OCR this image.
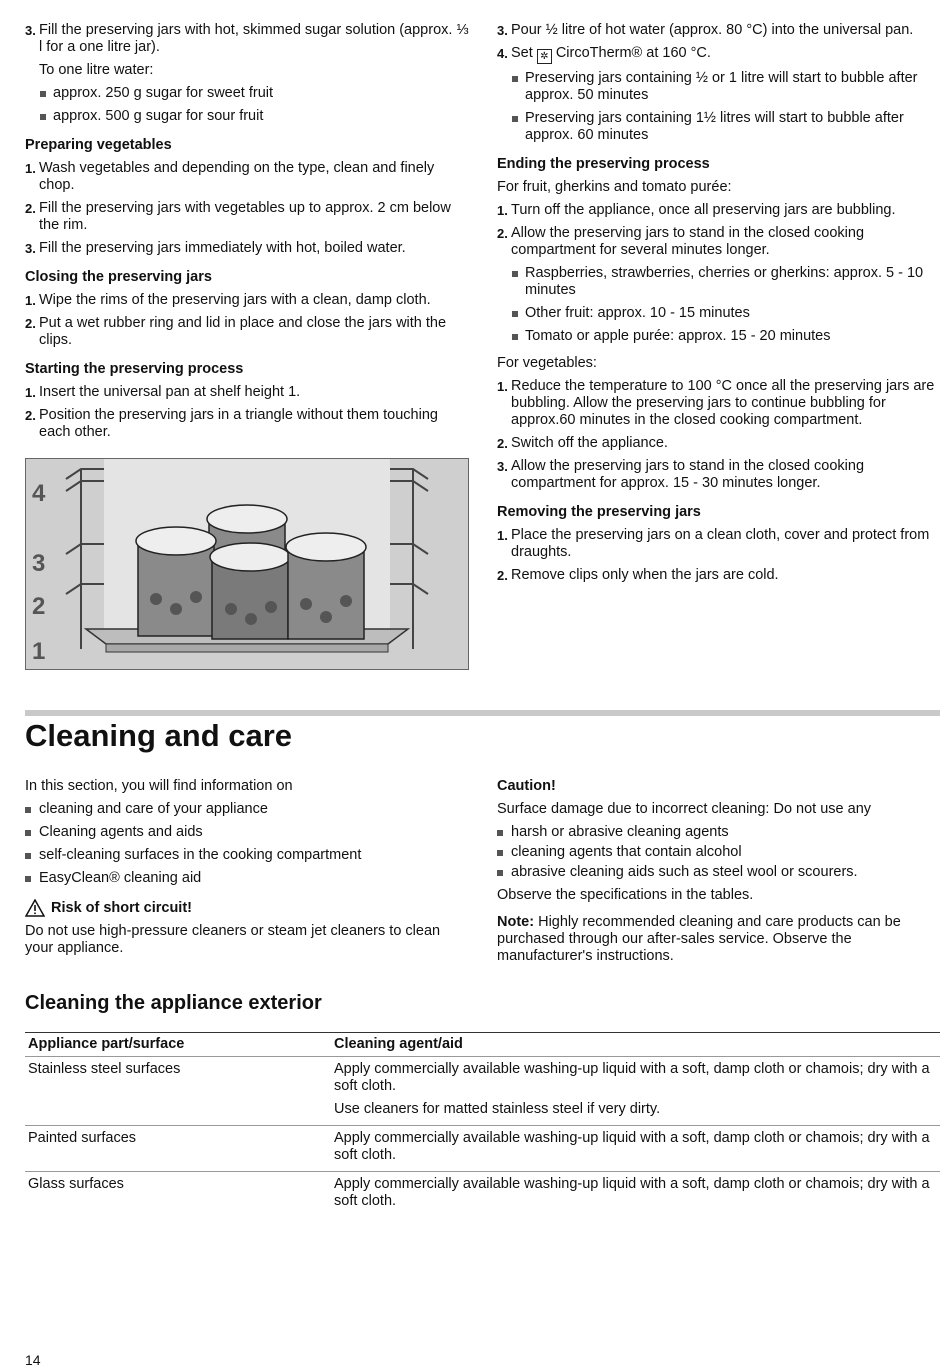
3. Fill the preserving jars with hot, skimmed sugar solution (approx. ⅓ l for a one litre jar).
To one litre water:
approx. 250 g sugar for sweet fruit
approx. 500 g sugar for sour fruit
Preparing vegetables
1. Wash vegetables and depending on the type, clean and finely chop.
2. Fill the preserving jars with vegetables up to approx. 2 cm below the rim.
3. Fill the preserving jars immediately with hot, boiled water.
Closing the preserving jars
1. Wipe the rims of the preserving jars with a clean, damp cloth.
2. Put a wet rubber ring and lid in place and close the jars with the clips.
Starting the preserving process
1. Insert the universal pan at shelf height 1.
2. Position the preserving jars in a triangle without them touching each other.
4
3
2
1
3. Pour ½ litre of hot water (approx. 80 °C) into the universal pan.
4. Set ✲ CircoTherm® at 160 °C.
Preserving jars containing ½ or 1 litre will start to bubble after approx. 50 minutes
Preserving jars containing 1½ litres will start to bubble after approx. 60 minutes
Ending the preserving process
For fruit, gherkins and tomato purée:
1. Turn off the appliance, once all preserving jars are bubbling.
2. Allow the preserving jars to stand in the closed cooking compartment for several minutes longer.
Raspberries, strawberries, cherries or gherkins: approx. 5 - 10 minutes
Other fruit: approx. 10 - 15 minutes
Tomato or apple purée: approx. 15 - 20 minutes
For vegetables:
1. Reduce the temperature to 100 °C once all the preserving jars are bubbling. Allow the preserving jars to continue bubbling for approx.60 minutes in the closed cooking compartment.
2. Switch off the appliance.
3. Allow the preserving jars to stand in the closed cooking compartment for approx. 15 - 30 minutes longer.
Removing the preserving jars
1. Place the preserving jars on a clean cloth, cover and protect from draughts.
2. Remove clips only when the jars are cold.
Cleaning and care
In this section, you will find information on
cleaning and care of your appliance
Cleaning agents and aids
self-cleaning surfaces in the cooking compartment
EasyClean® cleaning aid
Risk of short circuit!
Do not use high-pressure cleaners or steam jet cleaners to clean your appliance.
Caution!
Surface damage due to incorrect cleaning: Do not use any
harsh or abrasive cleaning agents
cleaning agents that contain alcohol
abrasive cleaning aids such as steel wool or scourers.
Observe the specifications in the tables.
Note: Highly recommended cleaning and care products can be purchased through our after-sales service. Observe the manufacturer's instructions.
Cleaning the appliance exterior
Appliance part/surface	Cleaning agent/aid
Stainless steel surfaces	Apply commercially available washing-up liquid with a soft, damp cloth or chamois; dry with a soft cloth.

Use cleaners for matted stainless steel if very dirty.

Painted surfaces	Apply commercially available washing-up liquid with a soft, damp cloth or chamois; dry with a soft cloth.

Glass surfaces	Apply commercially available washing-up liquid with a soft, damp cloth or chamois; dry with a soft cloth.

14
